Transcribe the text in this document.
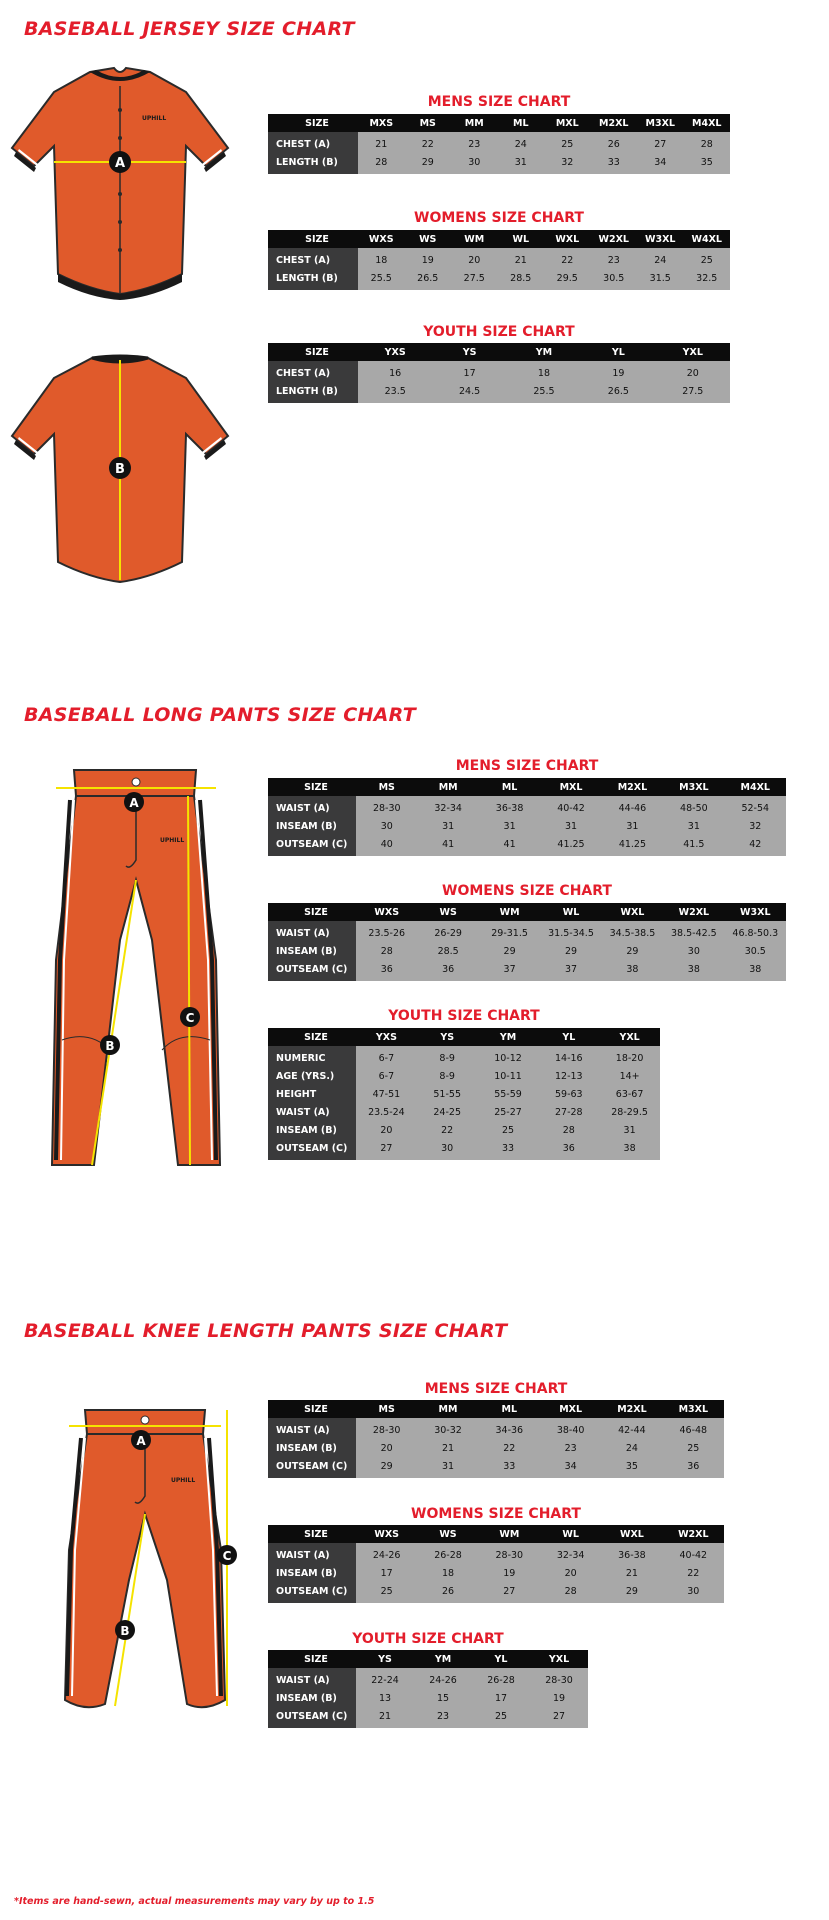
BASEBALL JERSEY SIZE CHART
UPHILL
A
B
MENS SIZE CHART
SIZE	MXS	MS	MM	ML	MXL	M2XL	M3XL	M4XL
CHEST (A)	21	22	23	24	25	26	27	28
LENGTH (B)	28	29	30	31	32	33	34	35
WOMENS SIZE CHART
SIZE	WXS	WS	WM	WL	WXL	W2XL	W3XL	W4XL
CHEST (A)	18	19	20	21	22	23	24	25
LENGTH (B)	25.5	26.5	27.5	28.5	29.5	30.5	31.5	32.5
YOUTH SIZE CHART
SIZE	YXS	YS	YM	YL	YXL
CHEST (A)	16	17	18	19	20
LENGTH (B)	23.5	24.5	25.5	26.5	27.5
BASEBALL LONG PANTS SIZE CHART
UPHILL
A
B
C
MENS SIZE CHART
SIZE	MS	MM	ML	MXL	M2XL	M3XL	M4XL
WAIST (A)	28-30	32-34	36-38	40-42	44-46	48-50	52-54
INSEAM (B)	30	31	31	31	31	31	32
OUTSEAM (C)	40	41	41	41.25	41.25	41.5	42
WOMENS SIZE CHART
SIZE	WXS	WS	WM	WL	WXL	W2XL	W3XL
WAIST (A)	23.5-26	26-29	29-31.5	31.5-34.5	34.5-38.5	38.5-42.5	46.8-50.3
INSEAM (B)	28	28.5	29	29	29	30	30.5
OUTSEAM (C)	36	36	37	37	38	38	38
YOUTH SIZE CHART
SIZE	YXS	YS	YM	YL	YXL
NUMERIC	6-7	8-9	10-12	14-16	18-20
AGE (YRS.)	6-7	8-9	10-11	12-13	14+
HEIGHT	47-51	51-55	55-59	59-63	63-67
WAIST (A)	23.5-24	24-25	25-27	27-28	28-29.5
INSEAM (B)	20	22	25	28	31
OUTSEAM (C)	27	30	33	36	38
BASEBALL KNEE LENGTH PANTS SIZE CHART
UPHILL
A
B
C
MENS SIZE CHART
SIZE	MS	MM	ML	MXL	M2XL	M3XL
WAIST (A)	28-30	30-32	34-36	38-40	42-44	46-48
INSEAM (B)	20	21	22	23	24	25
OUTSEAM (C)	29	31	33	34	35	36
WOMENS SIZE CHART
SIZE	WXS	WS	WM	WL	WXL	W2XL
WAIST (A)	24-26	26-28	28-30	32-34	36-38	40-42
INSEAM (B)	17	18	19	20	21	22
OUTSEAM (C)	25	26	27	28	29	30
YOUTH SIZE CHART
SIZE	YS	YM	YL	YXL
WAIST (A)	22-24	24-26	26-28	28-30
INSEAM (B)	13	15	17	19
OUTSEAM (C)	21	23	25	27

*Items are hand-sewn, actual measurements may vary by up to 1.5
